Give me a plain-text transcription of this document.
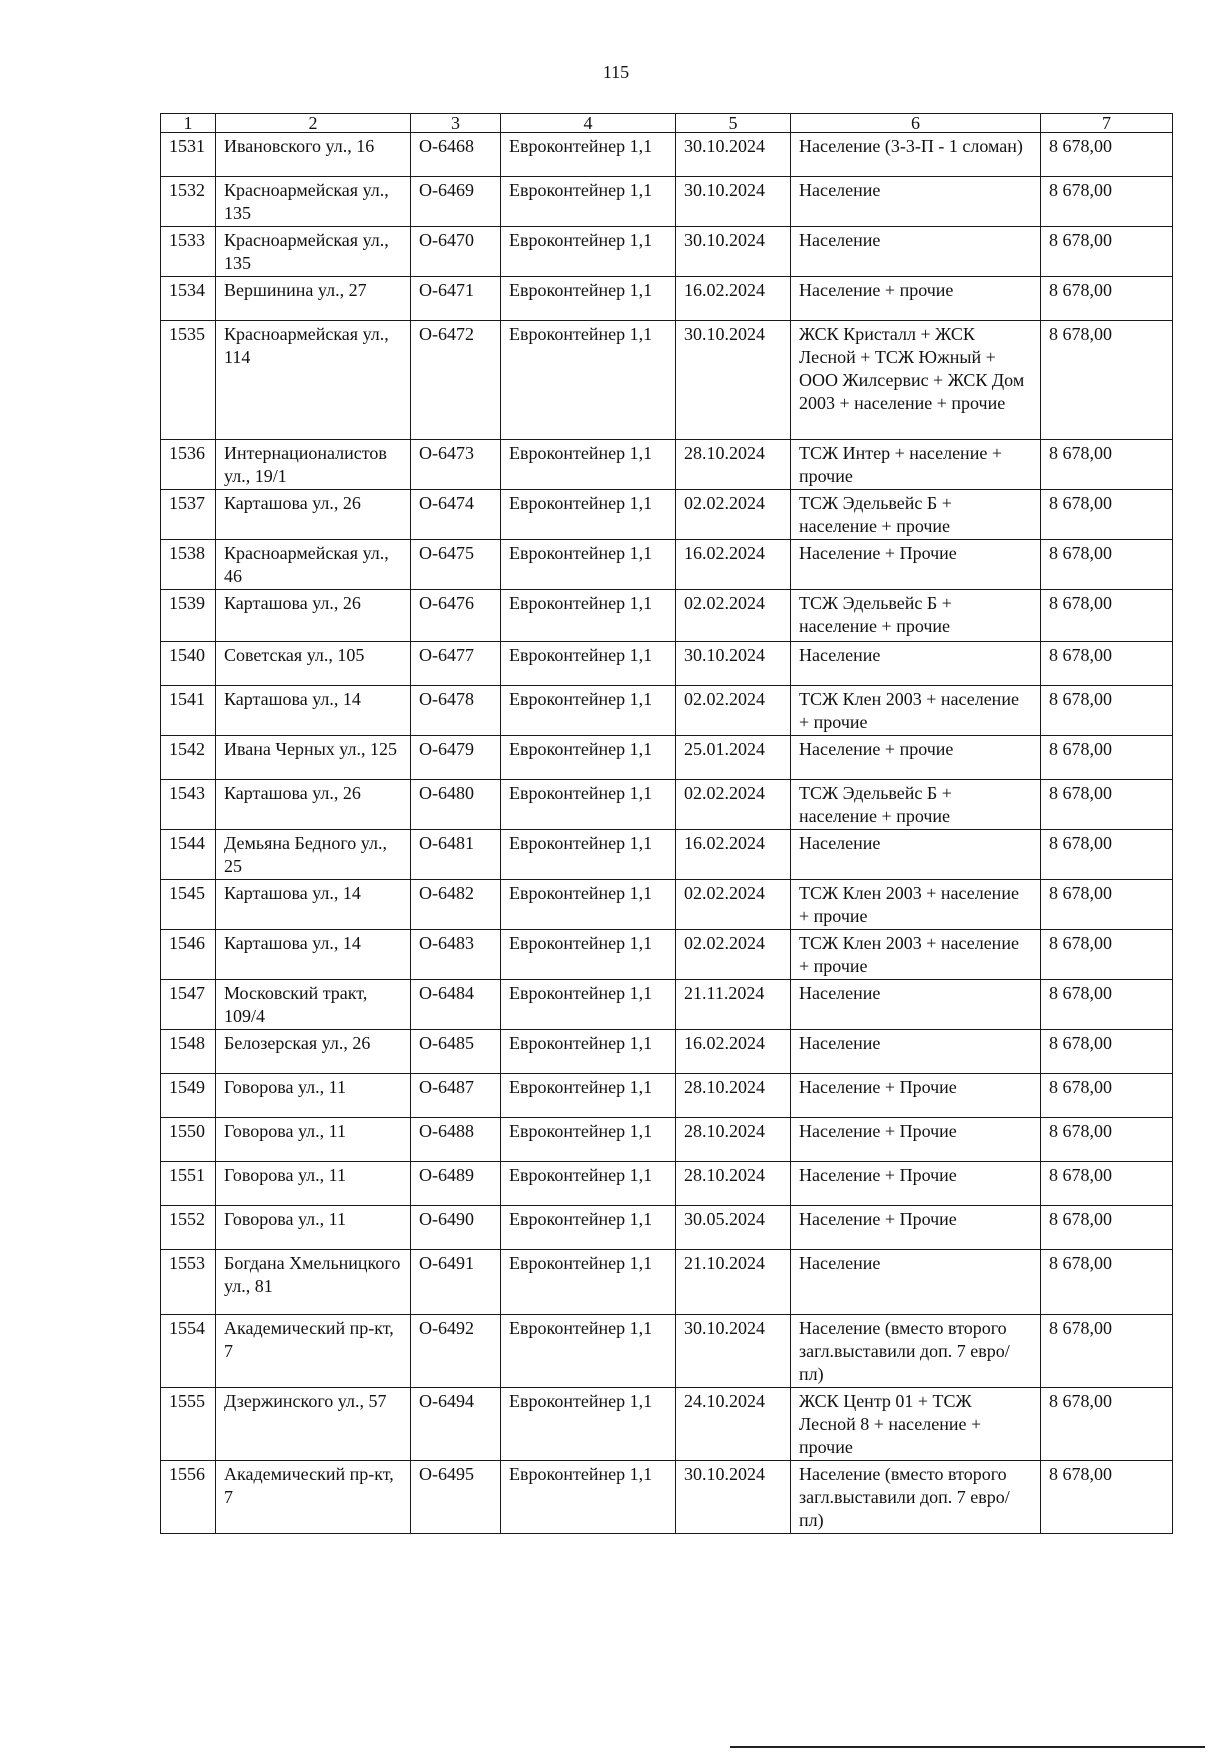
115
1	2	3	4	5	6	7
1531	Ивановского ул., 16	О-6468	Евроконтейнер 1,1	30.10.2024	Население (3-3-П - 1 сломан)	8 678,00
1532	Красноармейская ул., 135	О-6469	Евроконтейнер 1,1	30.10.2024	Население	8 678,00
1533	Красноармейская ул., 135	О-6470	Евроконтейнер 1,1	30.10.2024	Население	8 678,00
1534	Вершинина ул., 27	О-6471	Евроконтейнер 1,1	16.02.2024	Население + прочие	8 678,00
1535	Красноармейская ул., 114	О-6472	Евроконтейнер 1,1	30.10.2024	ЖСК Кристалл + ЖСК Лесной + ТСЖ Южный + ООО Жилсервис + ЖСК Дом 2003 + население + прочие	8 678,00
1536	Интернационалистов ул., 19/1	О-6473	Евроконтейнер 1,1	28.10.2024	ТСЖ Интер + население + прочие	8 678,00
1537	Карташова ул., 26	О-6474	Евроконтейнер 1,1	02.02.2024	ТСЖ Эдельвейс Б + население + прочие	8 678,00
1538	Красноармейская ул., 46	О-6475	Евроконтейнер 1,1	16.02.2024	Население + Прочие	8 678,00
1539	Карташова ул., 26	О-6476	Евроконтейнер 1,1	02.02.2024	ТСЖ Эдельвейс Б + население + прочие	8 678,00
1540	Советская ул., 105	О-6477	Евроконтейнер 1,1	30.10.2024	Население	8 678,00
1541	Карташова ул., 14	О-6478	Евроконтейнер 1,1	02.02.2024	ТСЖ Клен 2003 + население + прочие	8 678,00
1542	Ивана Черных ул., 125	О-6479	Евроконтейнер 1,1	25.01.2024	Население + прочие	8 678,00
1543	Карташова ул., 26	О-6480	Евроконтейнер 1,1	02.02.2024	ТСЖ Эдельвейс Б + население + прочие	8 678,00
1544	Демьяна Бедного ул., 25	О-6481	Евроконтейнер 1,1	16.02.2024	Население	8 678,00
1545	Карташова ул., 14	О-6482	Евроконтейнер 1,1	02.02.2024	ТСЖ Клен 2003 + население + прочие	8 678,00
1546	Карташова ул., 14	О-6483	Евроконтейнер 1,1	02.02.2024	ТСЖ Клен 2003 + население + прочие	8 678,00
1547	Московский тракт, 109/4	О-6484	Евроконтейнер 1,1	21.11.2024	Население	8 678,00
1548	Белозерская ул., 26	О-6485	Евроконтейнер 1,1	16.02.2024	Население	8 678,00
1549	Говорова ул., 11	О-6487	Евроконтейнер 1,1	28.10.2024	Население + Прочие	8 678,00
1550	Говорова ул., 11	О-6488	Евроконтейнер 1,1	28.10.2024	Население + Прочие	8 678,00
1551	Говорова ул., 11	О-6489	Евроконтейнер 1,1	28.10.2024	Население + Прочие	8 678,00
1552	Говорова ул., 11	О-6490	Евроконтейнер 1,1	30.05.2024	Население + Прочие	8 678,00
1553	Богдана Хмельницкого ул., 81	О-6491	Евроконтейнер 1,1	21.10.2024	Население	8 678,00
1554	Академический пр-кт, 7	О-6492	Евроконтейнер 1,1	30.10.2024	Население (вместо второго загл.выставили доп. 7 евро/пл)	8 678,00
1555	Дзержинского ул., 57	О-6494	Евроконтейнер 1,1	24.10.2024	ЖСК Центр 01 + ТСЖ Лесной 8 + население + прочие	8 678,00
1556	Академический пр-кт, 7	О-6495	Евроконтейнер 1,1	30.10.2024	Население (вместо второго загл.выставили доп. 7 евро/пл)	8 678,00
